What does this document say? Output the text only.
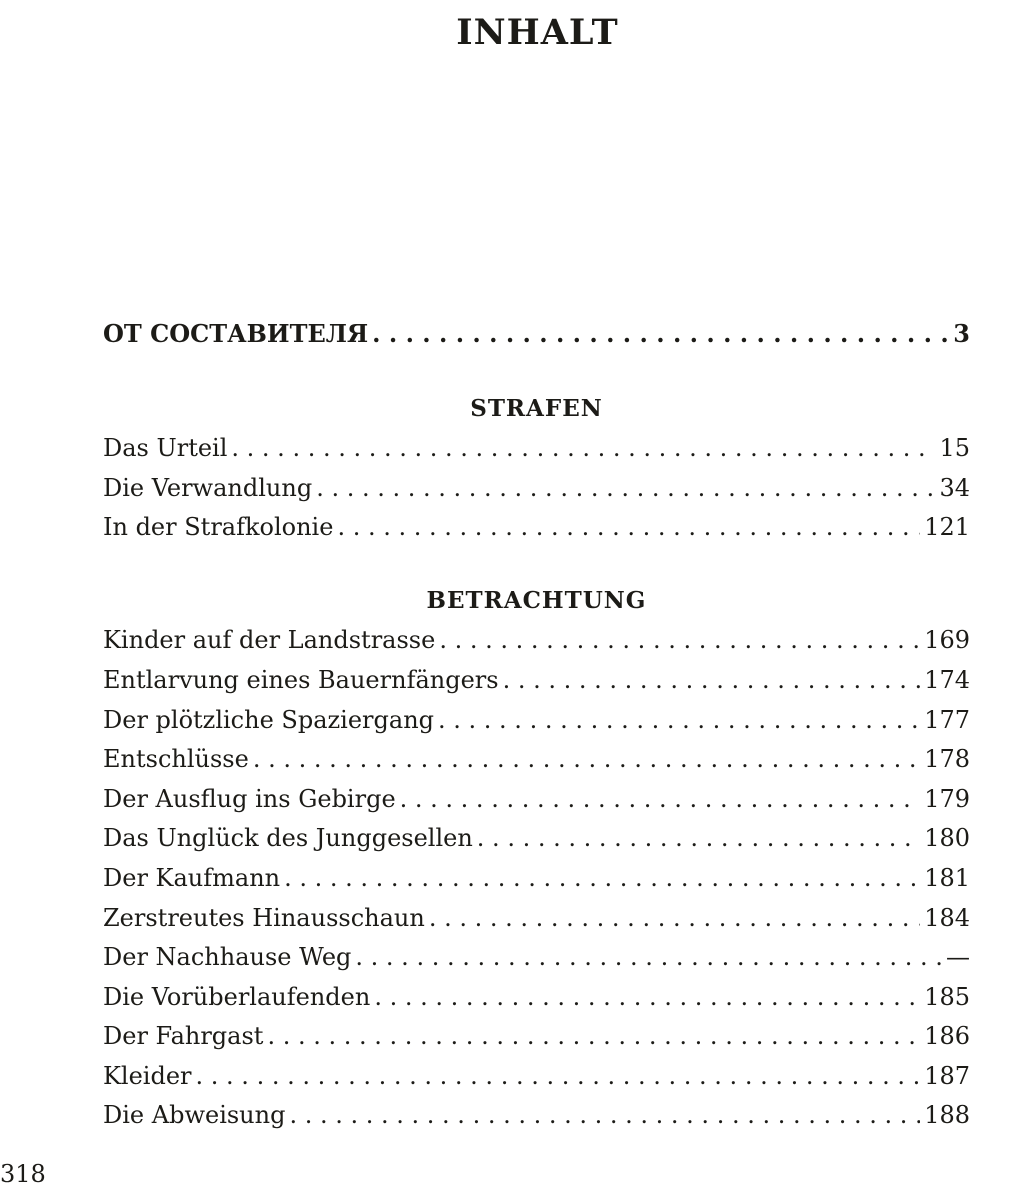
INHALT
ОТ СОСТАВИТЕЛЯ . . .	3
STRAFEN
Das Urteil . . .	15
Die Verwandlung . . .	34
In der Strafkolonie . . .	121
BETRACHTUNG
Kinder auf der Landstrasse . . .	169
Entlarvung eines Bauernfängers . . .	174
Der plötzliche Spaziergang . . .	177
Entschlüsse . . .	178
Der Ausflug ins Gebirge . . .	179
Das Unglück des Junggesellen . . .	180
Der Kaufmann . . .	181
Zerstreutes Hinausschaun . . .	184
Der Nachhause Weg . . .	—
Die Vorüberlaufenden . . .	185
Der Fahrgast . . .	186
Kleider . . .	187
Die Abweisung . . .	188
318
